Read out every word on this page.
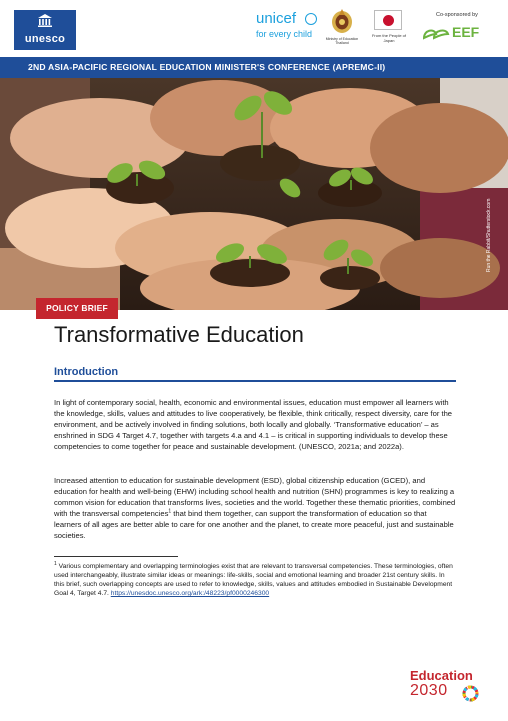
unesco
unicef
for every child	Ministry of Education Thailand
From the People of Japan
Co-sponsored by
EEF
2ND ASIA-PACIFIC REGIONAL EDUCATION MINISTER'S CONFERENCE (APREMC-II)
Run the Rabbit/Shutterstock.com
POLICY BRIEF
Transformative Education
Introduction

In light of contemporary social, health, economic and environmental issues, education must empower all learners with the knowledge, skills, values and attitudes to live cooperatively, be flexible, think critically, respect diversity, care for the environment, and be actively involved in finding solutions, both locally and globally. ‘Transformative education’ – as enshrined in SDG 4 Target 4.7, together with targets 4.a and 4.1 – is critical in supporting individuals to develop these competencies to come together for peace and sustainable development. (UNESCO, 2021a; and 2022a).

Increased attention to education for sustainable development (ESD), global citizenship education (GCED), and education for health and well-being (EHW) including school health and nutrition (SHN) programmes is key to realizing a common vision for education that transforms lives, societies and the world. Together these thematic priorities, combined with the transversal competencies$^1$ that bind them together, can support the transformation of education so that learners of all ages are better able to care for one another and the planet, to create more peaceful, just and sustainable societies.

$^1$ Various complementary and overlapping terminologies exist that are relevant to transversal competencies. These terminologies, often used interchangeably, illustrate similar ideas or meanings: life-skills, social and emotional learning and broader 21st century skills. In this brief, such overlapping concepts are used to refer to knowledge, skills, values and attitudes embodied in Sustainable Development Goal 4, Target 4.7. https://unesdoc.unesco.org/ark:/48223/pf0000246300
Education
2030
